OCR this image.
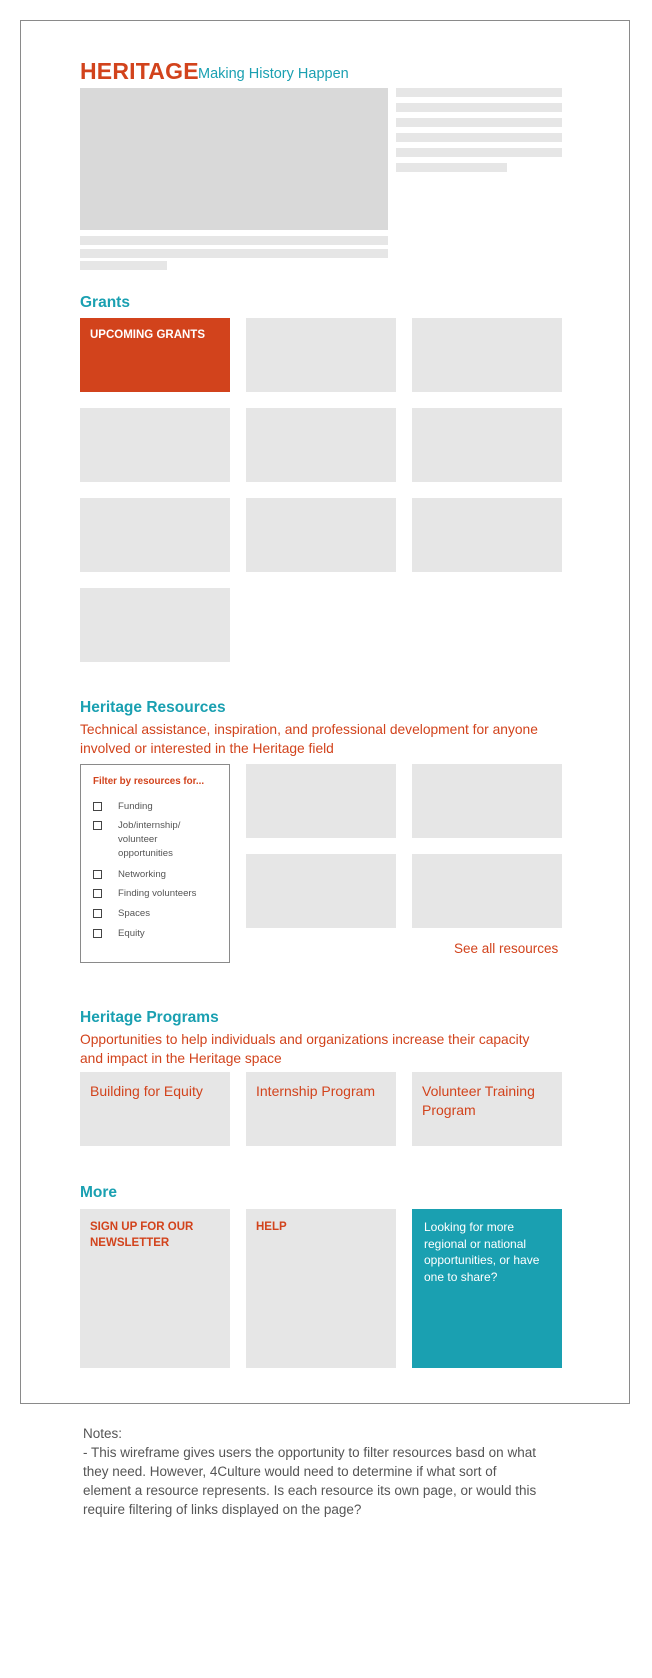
HERITAGE Making History Happen
Grants
UPCOMING GRANTS
Heritage Resources
Technical assistance, inspiration, and professional development for anyone
involved or interested in the Heritage field
Filter by resources for...
Funding
Job/internship/
volunteer
opportunities
Networking
Finding volunteers
Spaces
Equity
See all resources
Heritage Programs
Opportunities to help individuals and organizations increase their capacity
and impact in the Heritage space
Building for Equity	Internship Program	Volunteer Training
Program
More
SIGN UP FOR OUR
NEWSLETTER
HELP	Looking for more
regional or national
opportunities, or have
one to share?
Notes:
- This wireframe gives users the opportunity to filter resources basd on what
they need. However, 4Culture would need to determine if what sort of
element a resource represents. Is each resource its own page, or would this
require filtering of links displayed on the page?
